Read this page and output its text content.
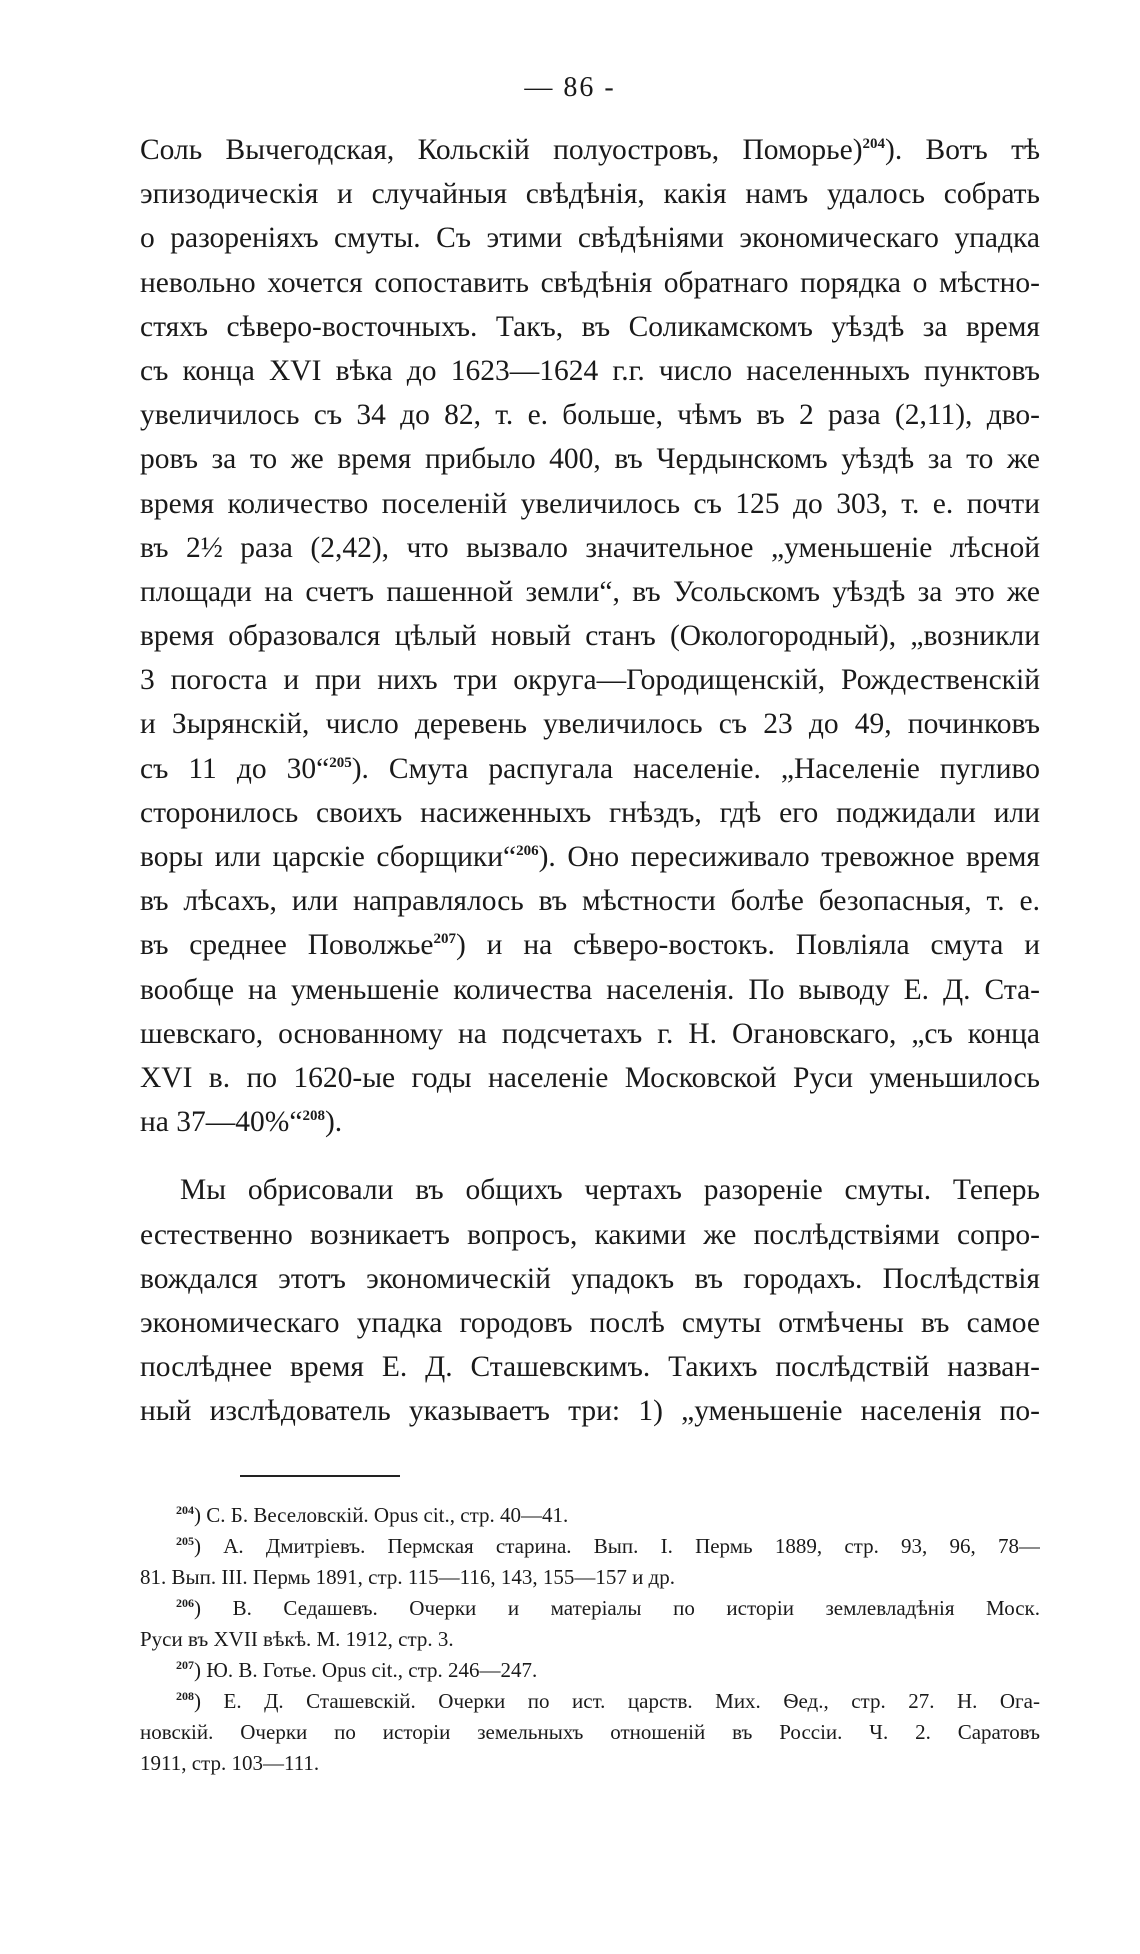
— 86 -
Соль Вычегодская, Кольскій полуостровъ, Поморье)$^{204}$). Вотъ тѣ
эпизодическія и случайныя свѣдѣнія, какія намъ удалось собрать
о разореніяхъ смуты. Съ этими свѣдѣніями экономическаго упадка
невольно хочется сопоставить свѣдѣнія обратнаго порядка о мѣстно-
стяхъ сѣверо-восточныхъ. Такъ, въ Соликамскомъ уѣздѣ за время
съ конца XVI вѣка до 1623—1624 г.г. число населенныхъ пунктовъ
увеличилось съ 34 до 82, т. е. больше, чѣмъ въ 2 раза (2,11), дво-
ровъ за то же время прибыло 400, въ Чердынскомъ уѣздѣ за то же
время количество поселеній увеличилось съ 125 до 303, т. е. почти
въ 2½ раза (2,42), что вызвало значительное „уменьшеніе лѣсной
площади на счетъ пашенной земли“, въ Усольскомъ уѣздѣ за это же
время образовался цѣлый новый станъ (Окологородный), „возникли
3 погоста и при нихъ три округа—Городищенскій, Рождественскій
и Зырянскій, число деревень увеличилось съ 23 до 49, починковъ
съ 11 до 30“$^{205}$). Смута распугала населеніе. „Населеніе пугливо
сторонилось своихъ насиженныхъ гнѣздъ, гдѣ его поджидали или
воры или царскіе сборщики“$^{206}$). Оно пересиживало тревожное время
въ лѣсахъ, или направлялось въ мѣстности болѣе безопасныя, т. е.
въ среднее Поволжье$^{207}$) и на сѣверо-востокъ. Повліяла смута и
вообще на уменьшеніе количества населенія. По выводу Е. Д. Ста-
шевскаго, основанному на подсчетахъ г. Н. Огановскаго, „съ конца
XVI в. по 1620-ые годы населеніе Московской Руси уменьшилось
на 37—40%“$^{208}$).
Мы обрисовали въ общихъ чертахъ разореніе смуты. Теперь
естественно возникаетъ вопросъ, какими же послѣдствіями сопро-
вождался этотъ экономическій упадокъ въ городахъ. Послѣдствія
экономическаго упадка городовъ послѣ смуты отмѣчены въ самое
послѣднее время Е. Д. Сташевскимъ. Такихъ послѣдствій назван-
ный изслѣдователь указываетъ три: 1) „уменьшеніе населенія по-
$^{204}$) С. Б. Веселовскій. Opus cit., стр. 40—41.
$^{205}$) А. Дмитріевъ. Пермская старина. Вып. I. Пермь 1889, стр. 93, 96, 78—
81. Вып. III. Пермь 1891, стр. 115—116, 143, 155—157 и др.
$^{206}$) В. Седашевъ. Очерки и матеріалы по исторіи землевладѣнія Моск.
Руси въ XVII вѣкѣ. М. 1912, стр. 3.
$^{207}$) Ю. В. Готье. Opus cit., стр. 246—247.
$^{208}$) Е. Д. Сташевскій. Очерки по ист. царств. Мих. Ѳед., стр. 27. Н. Ога-
новскій. Очерки по исторіи земельныхъ отношеній въ Россіи. Ч. 2. Саратовъ
1911, стр. 103—111.
